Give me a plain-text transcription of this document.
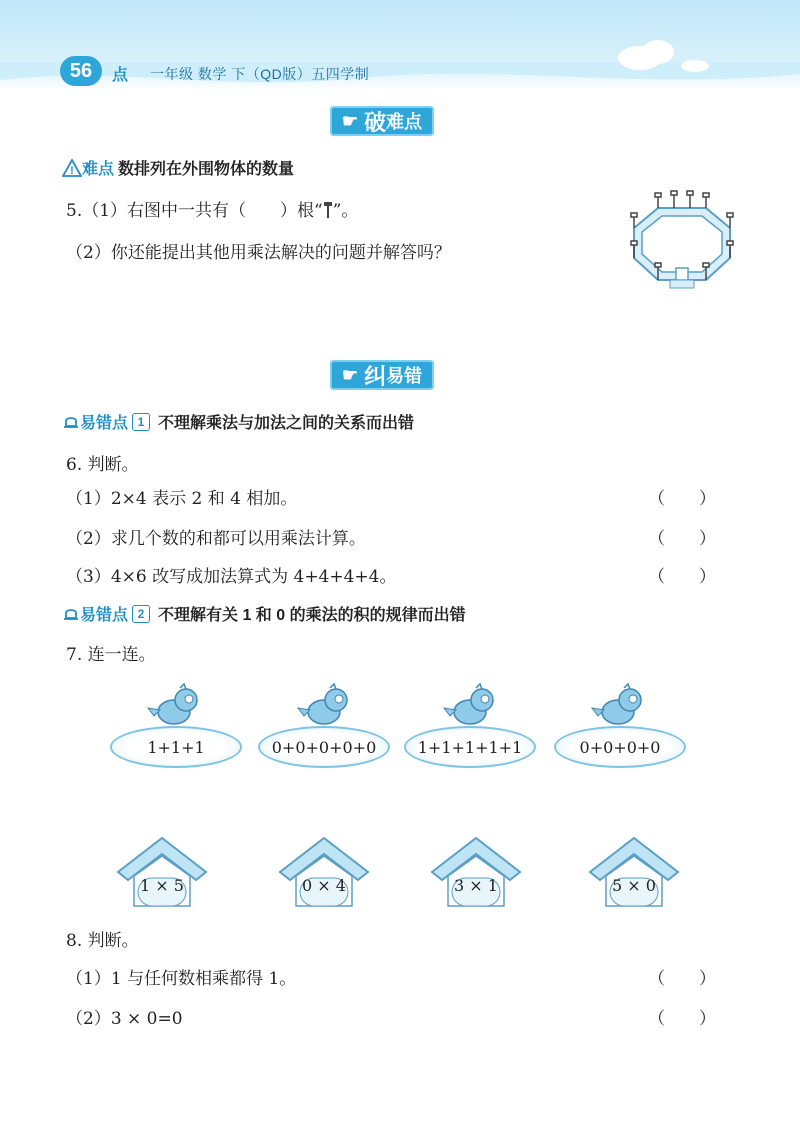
56	点 一年级 数学 下（QD版）五四学制
☛ 破 难点
! 难点 数排列在外围物体的数量
5.（1）右图中一共有（　　）根“ ”。
（2）你还能提出其他用乘法解决的问题并解答吗？
☛ 纠 易错
易错点 1 不理解乘法与加法之间的关系而出错
6. 判断。
（1）2×4 表示 2 和 4 相加。	（　　）
（2）求几个数的和都可以用乘法计算。	（　　）
（3）4×6 改写成加法算式为 4+4+4+4。	（　　）
易错点 2 不理解有关 1 和 0 的乘法的积的规律而出错
7. 连一连。
1+1+1	0+0+0+0+0	1+1+1+1+1	0+0+0+0
1 × 5	0 × 4	3 × 1	5 × 0
8. 判断。
（1）1 与任何数相乘都得 1。	（　　）
（2）3 × 0=0	（　　）
